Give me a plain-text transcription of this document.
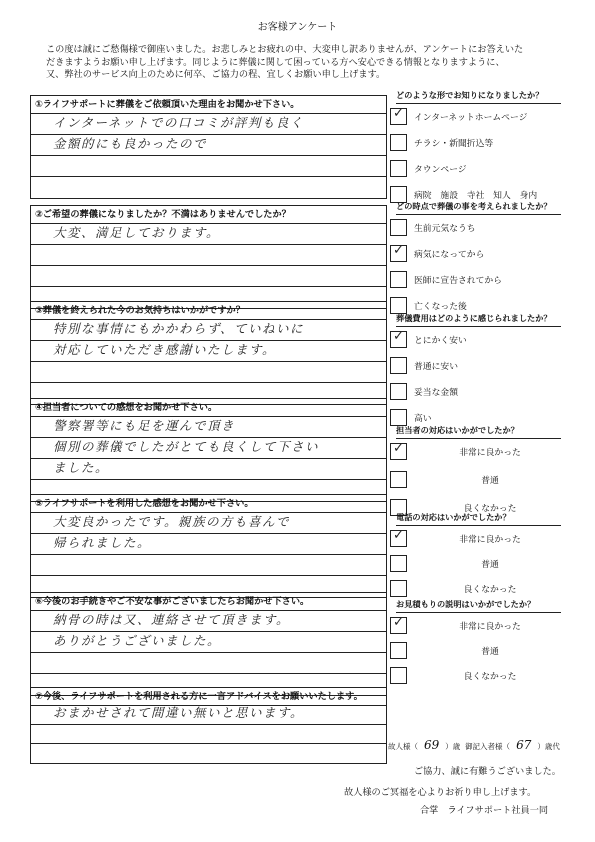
お客様アンケート
この度は誠にご愁傷様で御座いました。お悲しみとお疲れの中、大変申し訳ありませんが、アンケートにお答えいた
だきますようお願い申し上げます。同じように葬儀に関して困っている方へ安心できる情報となりますように、
又、弊社のサービス向上のために何卒、ご協力の程、宜しくお願い申し上げます。
①ライフサポートに葬儀をご依頼頂いた理由をお聞かせ下さい。
インターネットでの口コミが評判も良く
金額的にも良かったので
②ご希望の葬儀になりましたか？不満はありませんでしたか？
大変、満足しております。
③葬儀を終えられた今のお気持ちはいかがですか？
特別な事情にもかかわらず、ていねいに
対応していただき感謝いたします。
④担当者についての感想をお聞かせ下さい。
警察署等にも足を運んで頂き
個別の葬儀でしたがとても良くして下さい
ました。
⑤ライフサポートを利用した感想をお聞かせ下さい。
大変良かったです。親族の方も喜んで
帰られました。
⑥今後のお手続きやご不安な事がございましたらお聞かせ下さい。
納骨の時は又、連絡させて頂きます。
ありがとうございました。
⑦今後、ライフサポートを利用される方に一言アドバイスをお願いいたします。
おまかせされて間違い無いと思います。
どのような形でお知りになりましたか？
✓ インターネットホームページ
チラシ・新聞折込等
タウンページ
病院　施設　寺社　知人　身内
どの時点で葬儀の事を考えられましたか？
生前元気なうち
✓ 病気になってから
医師に宣告されてから
亡くなった後
葬儀費用はどのように感じられましたか？
✓ とにかく安い
普通に安い
妥当な金額
高い
担当者の対応はいかがでしたか？
✓	非常に良かった
普通
良くなかった
電話の対応はいかがでしたか？
✓	非常に良かった
普通
良くなかった
お見積もりの説明はいかがでしたか？
✓	非常に良かった
普通
良くなかった
故人様（ 69 ）歳 御記入者様（ 67 ）歳代
ご協力、誠に有難うございました。
故人様のご冥福を心よりお祈り申し上げます。
合掌　ライフサポート社員一同
